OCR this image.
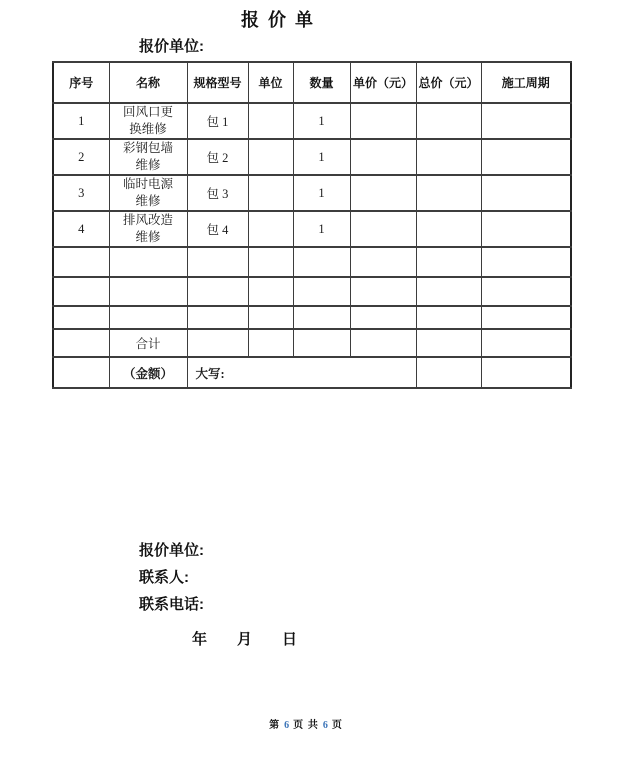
报 价 单
报价单位:
序号	名称	规格型号	单位	数量	单价（元）	总价（元）	施工周期
1	回风口更换维修	包 1		1			
2	彩钢包墙维修	包 2		1			
3	临时电源维修	包 3		1			
4	排风改造维修	包 4		1			

	合计						
	（金额）	大写:					
报价单位:
联系人:
联系电话:
年　　月　　日
第 6 页 共 6 页
